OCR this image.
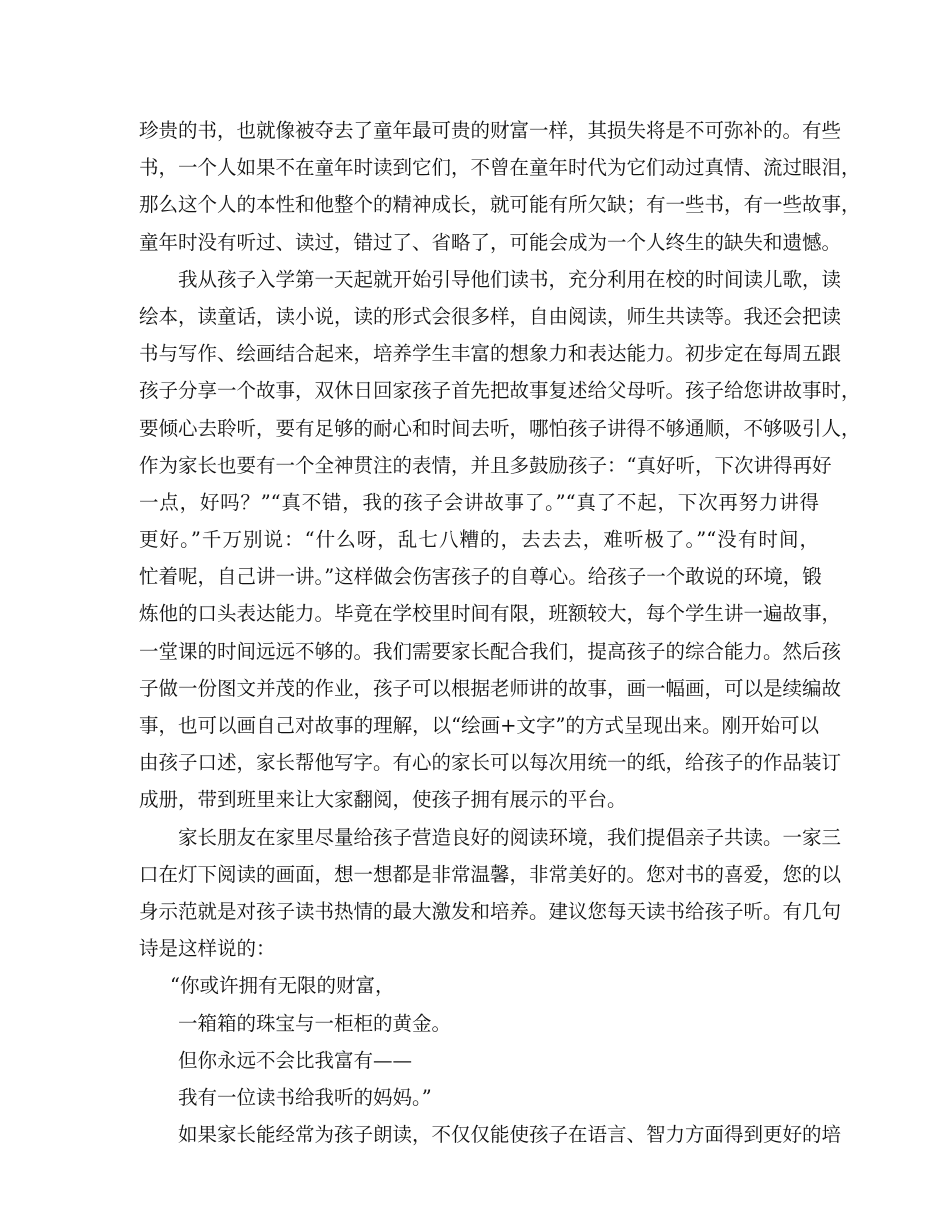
珍贵的书，也就像被夺去了童年最可贵的财富一样，其损失将是不可弥补的。有些
书，一个人如果不在童年时读到它们，不曾在童年时代为它们动过真情、流过眼泪，
那么这个人的本性和他整个的精神成长，就可能有所欠缺；有一些书，有一些故事，
童年时没有听过、读过，错过了、省略了，可能会成为一个人终生的缺失和遗憾。
我从孩子入学第一天起就开始引导他们读书，充分利用在校的时间读儿歌，读
绘本，读童话，读小说，读的形式会很多样，自由阅读，师生共读等。我还会把读
书与写作、绘画结合起来，培养学生丰富的想象力和表达能力。初步定在每周五跟
孩子分享一个故事，双休日回家孩子首先把故事复述给父母听。孩子给您讲故事时，
要倾心去聆听，要有足够的耐心和时间去听，哪怕孩子讲得不够通顺，不够吸引人，
作为家长也要有一个全神贯注的表情，并且多鼓励孩子：“真好听，下次讲得再好
一点，好吗？”“真不错，我的孩子会讲故事了。”“真了不起，下次再努力讲得
更好。”千万别说：“什么呀，乱七八糟的，去去去，难听极了。”“没有时间，
忙着呢，自己讲一讲。”这样做会伤害孩子的自尊心。给孩子一个敢说的环境，锻
炼他的口头表达能力。毕竟在学校里时间有限，班额较大，每个学生讲一遍故事，
一堂课的时间远远不够的。我们需要家长配合我们，提高孩子的综合能力。然后孩
子做一份图文并茂的作业，孩子可以根据老师讲的故事，画一幅画，可以是续编故
事，也可以画自己对故事的理解，以“绘画+文字”的方式呈现出来。刚开始可以
由孩子口述，家长帮他写字。有心的家长可以每次用统一的纸，给孩子的作品装订
成册，带到班里来让大家翻阅，使孩子拥有展示的平台。
家长朋友在家里尽量给孩子营造良好的阅读环境，我们提倡亲子共读。一家三
口在灯下阅读的画面，想一想都是非常温馨，非常美好的。您对书的喜爱，您的以
身示范就是对孩子读书热情的最大激发和培养。建议您每天读书给孩子听。有几句
诗是这样说的：
“你或许拥有无限的财富，
一箱箱的珠宝与一柜柜的黄金。
但你永远不会比我富有——
我有一位读书给我听的妈妈。”
如果家长能经常为孩子朗读，不仅仅能使孩子在语言、智力方面得到更好的培
